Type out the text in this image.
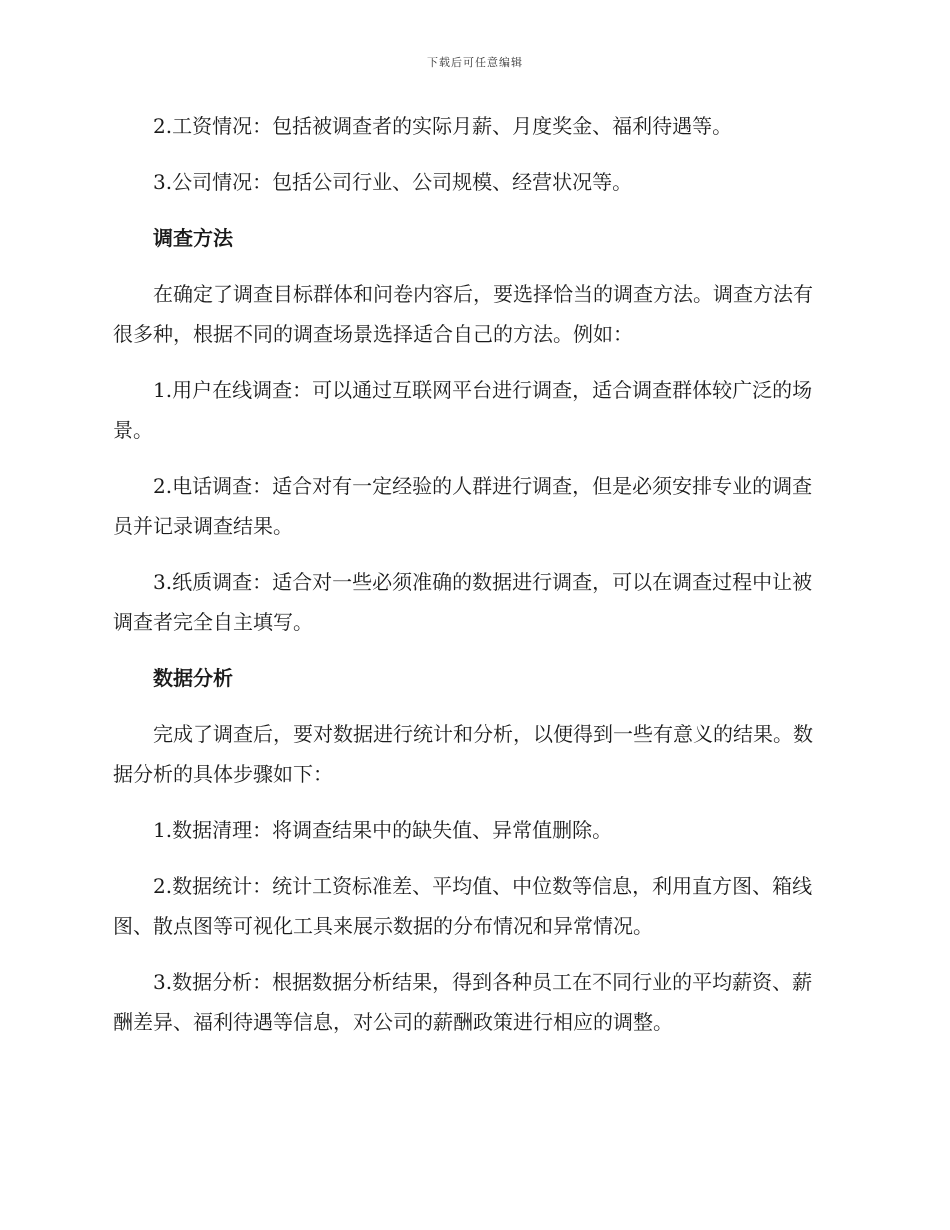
下载后可任意编辑

2.工资情况：包括被调查者的实际月薪、月度奖金、福利待遇等。

3.公司情况：包括公司行业、公司规模、经营状况等。

调查方法

在确定了调查目标群体和问卷内容后，要选择恰当的调查方法。调查方法有很多种，根据不同的调查场景选择适合自己的方法。例如：

1.用户在线调查：可以通过互联网平台进行调查，适合调查群体较广泛的场景。

2.电话调查：适合对有一定经验的人群进行调查，但是必须安排专业的调查员并记录调查结果。

3.纸质调查：适合对一些必须准确的数据进行调查，可以在调查过程中让被调查者完全自主填写。

数据分析

完成了调查后，要对数据进行统计和分析，以便得到一些有意义的结果。数据分析的具体步骤如下：

1.数据清理：将调查结果中的缺失值、异常值删除。

2.数据统计：统计工资标准差、平均值、中位数等信息，利用直方图、箱线图、散点图等可视化工具来展示数据的分布情况和异常情况。

3.数据分析：根据数据分析结果，得到各种员工在不同行业的平均薪资、薪酬差异、福利待遇等信息，对公司的薪酬政策进行相应的调整。
